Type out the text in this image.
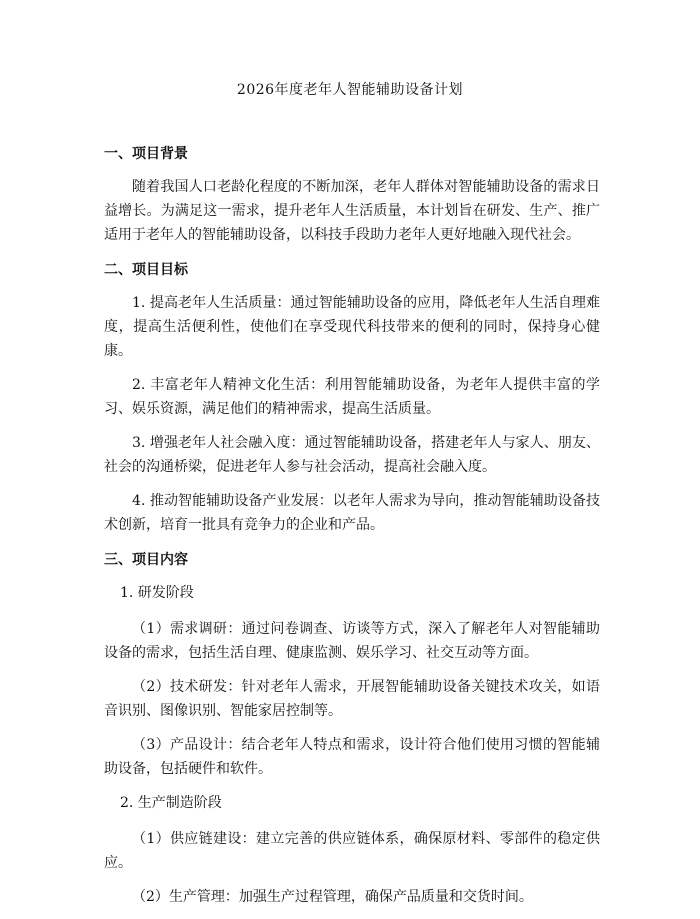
2026年度老年人智能辅助设备计划
一、项目背景

随着我国人口老龄化程度的不断加深，老年人群体对智能辅助设备的需求日益增长。为满足这一需求，提升老年人生活质量，本计划旨在研发、生产、推广适用于老年人的智能辅助设备，以科技手段助力老年人更好地融入现代社会。

二、项目目标

1. 提高老年人生活质量：通过智能辅助设备的应用，降低老年人生活自理难度，提高生活便利性，使他们在享受现代科技带来的便利的同时，保持身心健康。

2. 丰富老年人精神文化生活：利用智能辅助设备，为老年人提供丰富的学习、娱乐资源，满足他们的精神需求，提高生活质量。

3. 增强老年人社会融入度：通过智能辅助设备，搭建老年人与家人、朋友、社会的沟通桥梁，促进老年人参与社会活动，提高社会融入度。

4. 推动智能辅助设备产业发展：以老年人需求为导向，推动智能辅助设备技术创新，培育一批具有竞争力的企业和产品。

三、项目内容
1. 研发阶段

（1）需求调研：通过问卷调查、访谈等方式，深入了解老年人对智能辅助设备的需求，包括生活自理、健康监测、娱乐学习、社交互动等方面。

（2）技术研发：针对老年人需求，开展智能辅助设备关键技术攻关，如语音识别、图像识别、智能家居控制等。

（3）产品设计：结合老年人特点和需求，设计符合他们使用习惯的智能辅助设备，包括硬件和软件。

2. 生产制造阶段

（1）供应链建设：建立完善的供应链体系，确保原材料、零部件的稳定供应。

（2）生产管理：加强生产过程管理，确保产品质量和交货时间。
